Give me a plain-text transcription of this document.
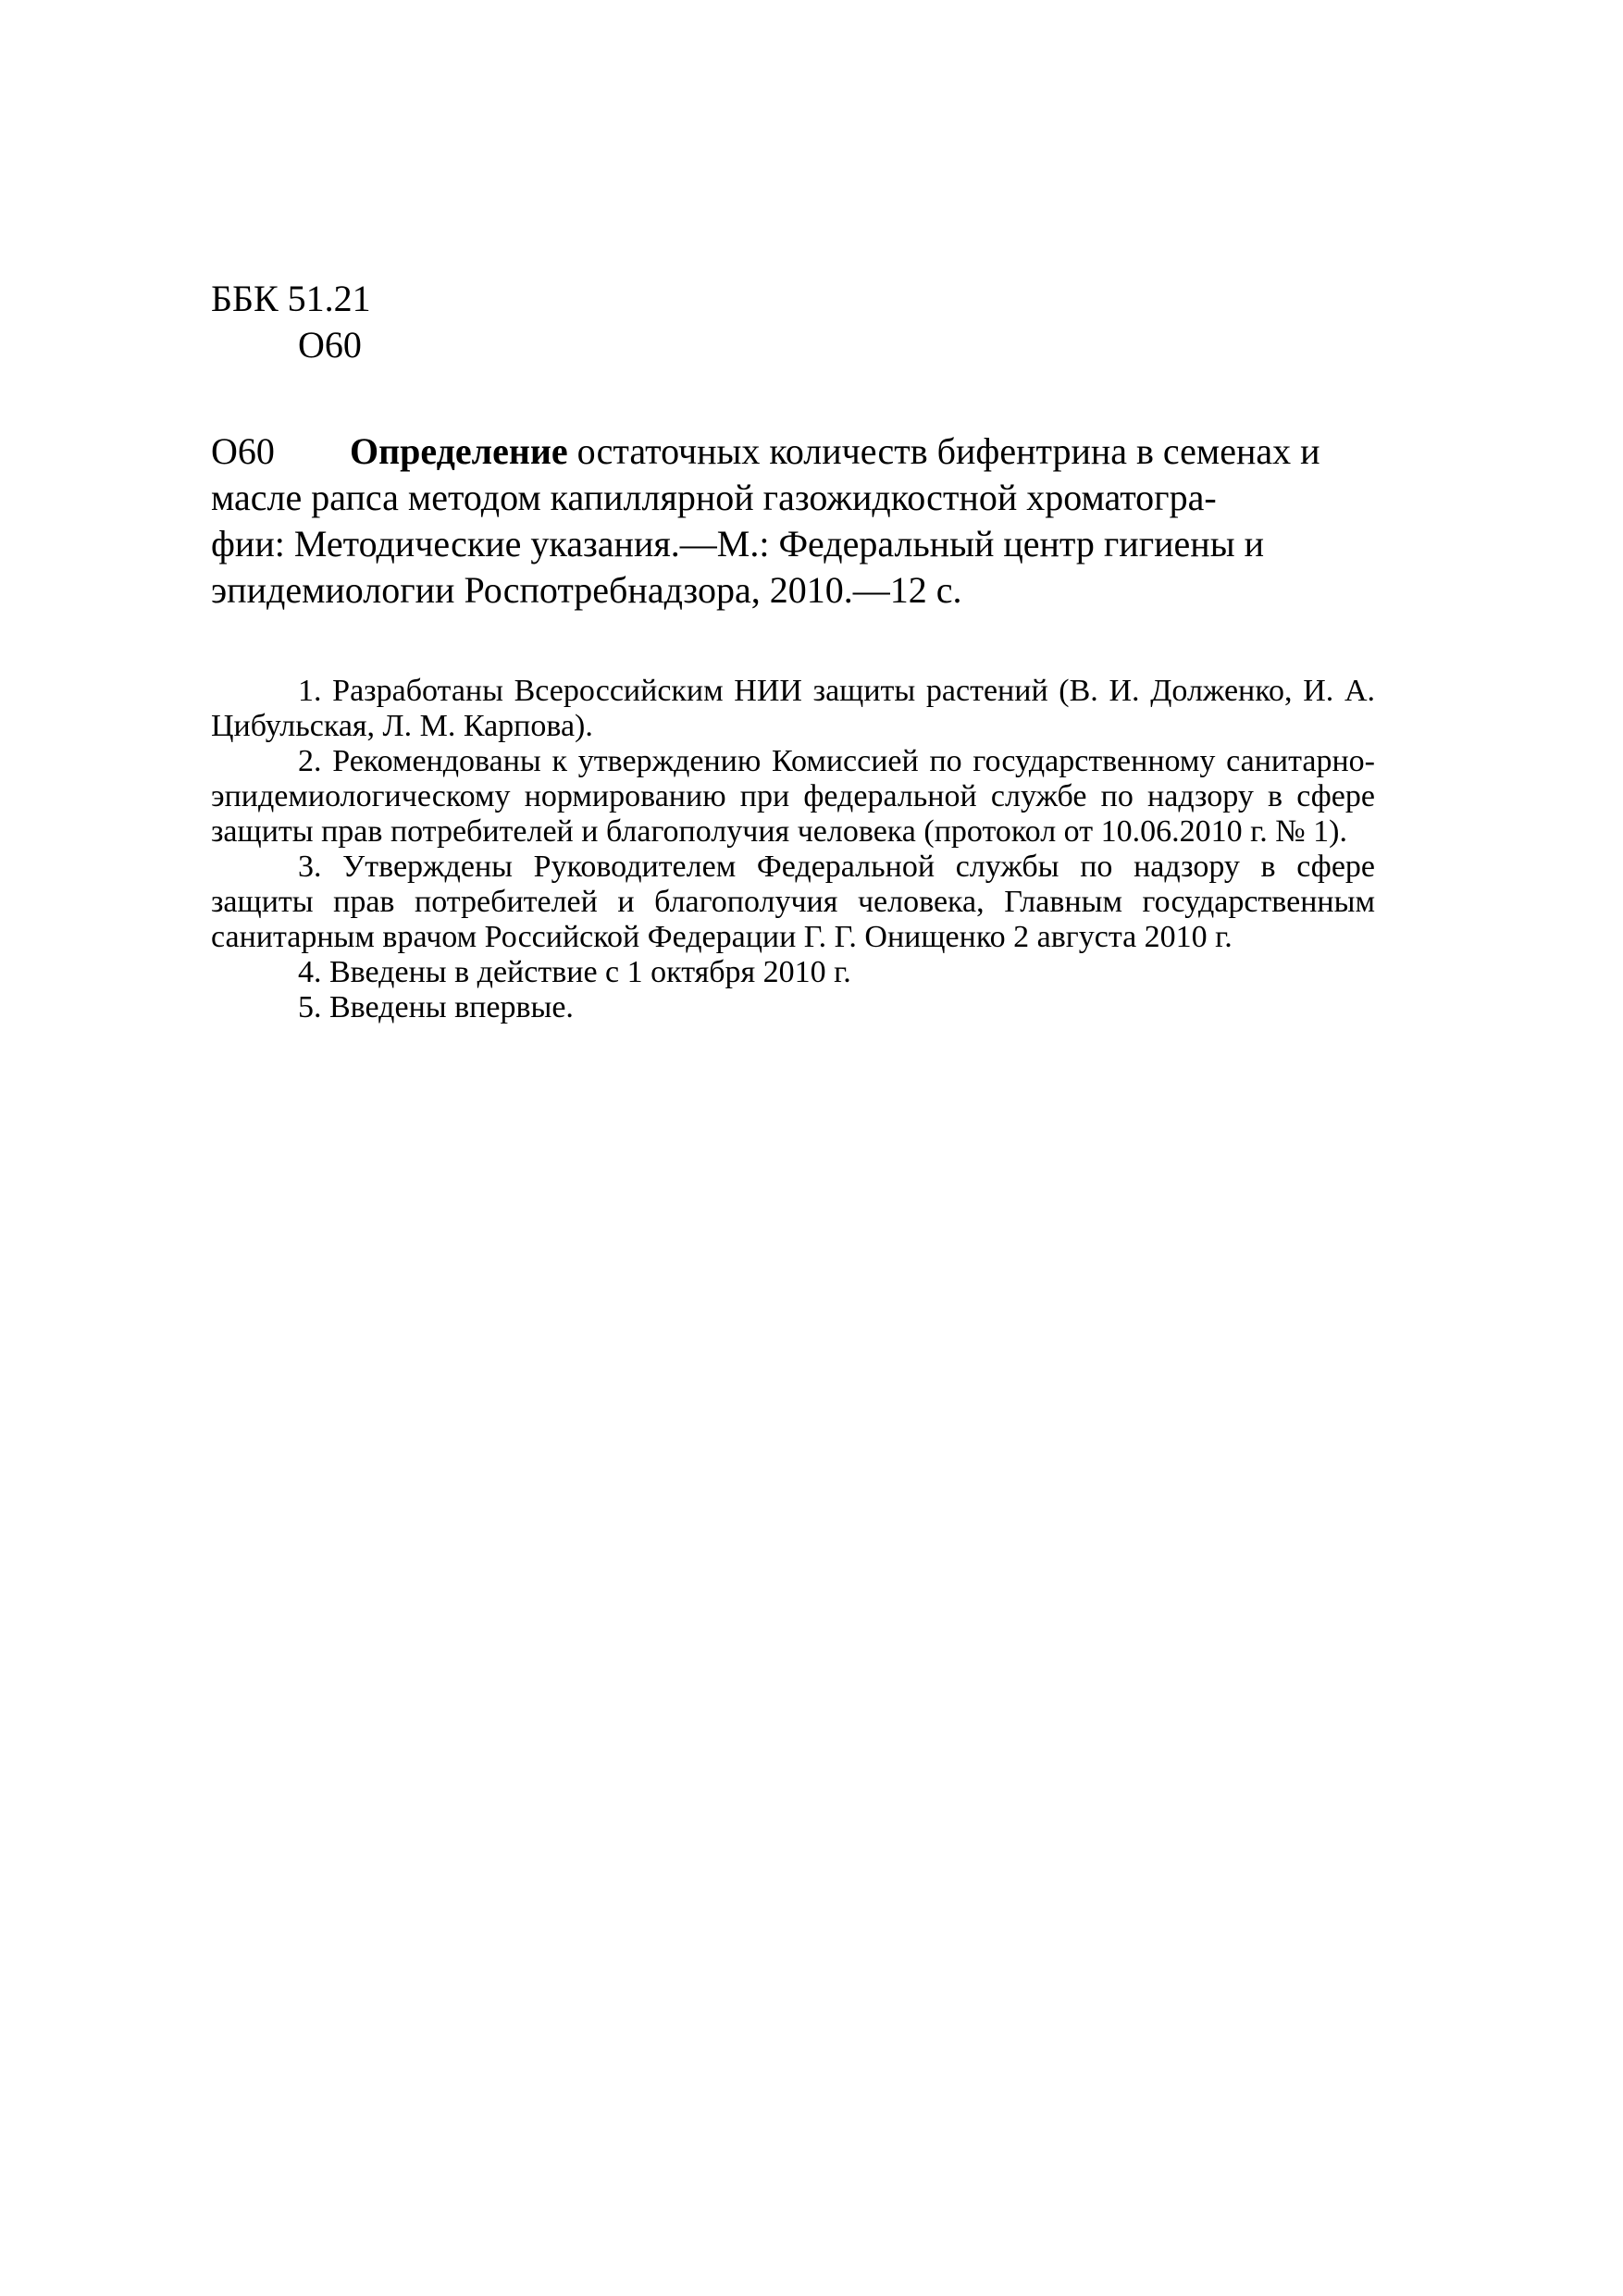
ББК 51.21
О60
О60	Определение остаточных количеств бифентрина в семенах и
масле рапса методом капиллярной газожидкостной хроматогра-
фии: Методические указания.—М.: Федеральный центр гигиены и
эпидемиологии Роспотребнадзора, 2010.—12 с.

1. Разработаны Всероссийским НИИ защиты растений (В. И. Долженко, И. А. Цибульская, Л. М. Карпова).

2. Рекомендованы к утверждению Комиссией по государственному санитарно-эпидемиологическому нормированию при федеральной службе по надзору в сфере защиты прав потребителей и благополучия человека (протокол от 10.06.2010 г. № 1).

3. Утверждены Руководителем Федеральной службы по надзору в сфере защиты прав потребителей и благополучия человека, Главным государственным санитарным врачом Российской Федерации Г. Г. Онищенко 2 августа 2010 г.

4. Введены в действие с 1 октября 2010 г.

5. Введены впервые.
